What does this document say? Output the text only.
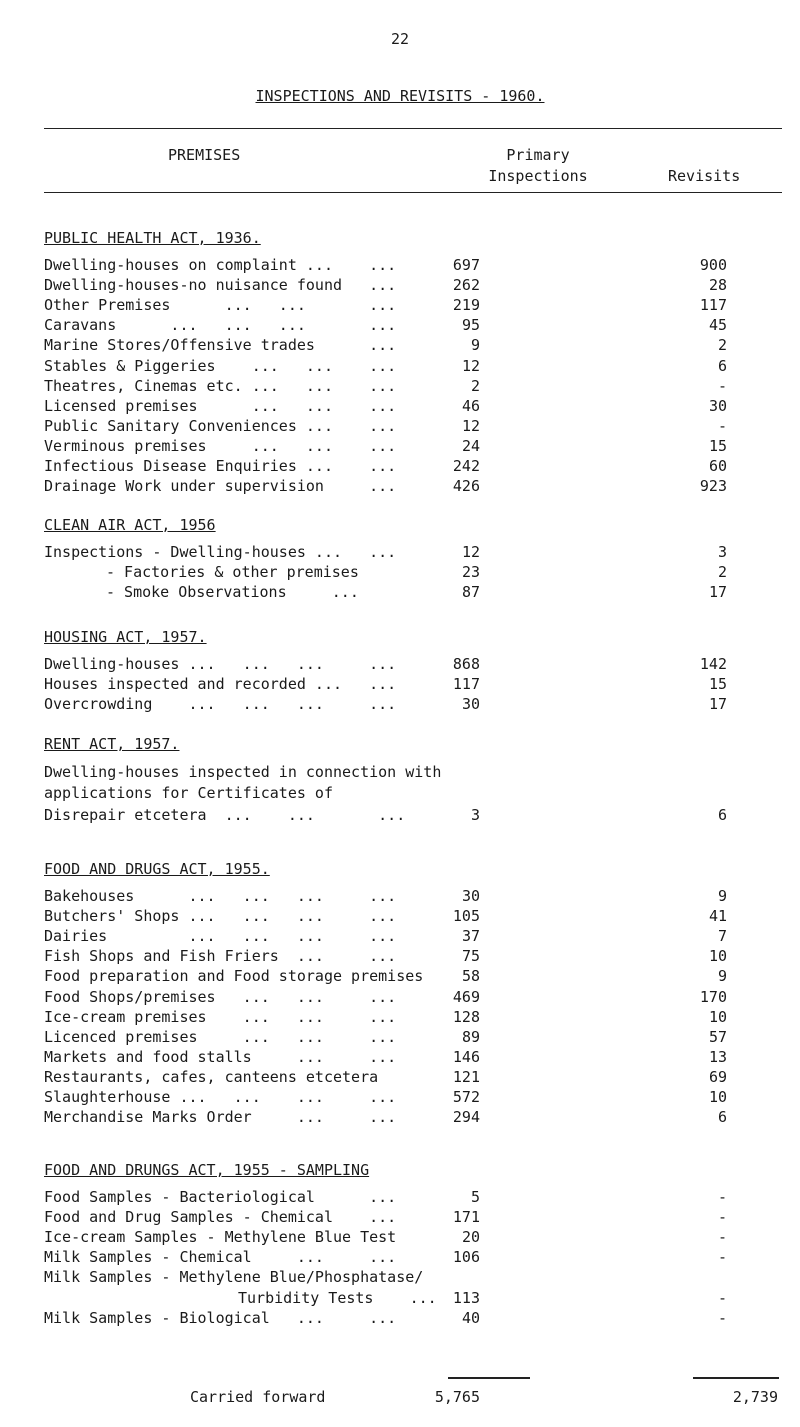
22
INSPECTIONS AND REVISITS - 1960.
PREMISES	Primary
Inspections	Revisits
PUBLIC HEALTH ACT, 1936.
Dwelling-houses on complaint ...    ...	697	900
Dwelling-houses-no nuisance found   ...	262	28
Other Premises      ...   ...       ...	219	117
Caravans      ...   ...   ...       ...	95	45
Marine Stores/Offensive trades      ...	9	2
Stables & Piggeries    ...   ...    ...	12	6
Theatres, Cinemas etc. ...   ...    ...	2	-
Licensed premises      ...   ...    ...	46	30
Public Sanitary Conveniences ...    ...	12	-
Verminous premises     ...   ...    ...	24	15
Infectious Disease Enquiries ...    ...	242	60
Drainage Work under supervision     ...	426	923
CLEAN AIR ACT, 1956
Inspections - Dwelling-houses ...   ...	12	3
- Factories & other premises	23	2
- Smoke Observations     ...	87	17
HOUSING ACT, 1957.
Dwelling-houses ...   ...   ...     ...	868	142
Houses inspected and recorded ...   ...	117	15
Overcrowding    ...   ...   ...     ...	30	17
RENT ACT, 1957.
Dwelling-houses inspected in connection with
applications for Certificates of
Disrepair etcetera  ...    ...       ...	3	6
FOOD AND DRUGS ACT, 1955.
Bakehouses      ...   ...   ...     ...	30	9
Butchers' Shops ...   ...   ...     ...	105	41
Dairies         ...   ...   ...     ...	37	7
Fish Shops and Fish Friers  ...     ...	75	10
Food preparation and Food storage premises	58	9
Food Shops/premises   ...   ...     ...	469	170
Ice-cream premises    ...   ...     ...	128	10
Licenced premises     ...   ...     ...	89	57
Markets and food stalls     ...     ...	146	13
Restaurants, cafes, canteens etcetera	121	69
Slaughterhouse ...   ...    ...     ...	572	10
Merchandise Marks Order     ...     ...	294	6
FOOD AND DRUNGS ACT, 1955 - SAMPLING
Food Samples - Bacteriological      ...	5	-
Food and Drug Samples - Chemical    ...	171	-
Ice-cream Samples - Methylene Blue Test	20	-
Milk Samples - Chemical     ...     ...	106	-
Milk Samples - Methylene Blue/Phosphatase/
Turbidity Tests    ... 113	-
Milk Samples - Biological   ...     ...	40	-
Carried forward	5,765	2,739
